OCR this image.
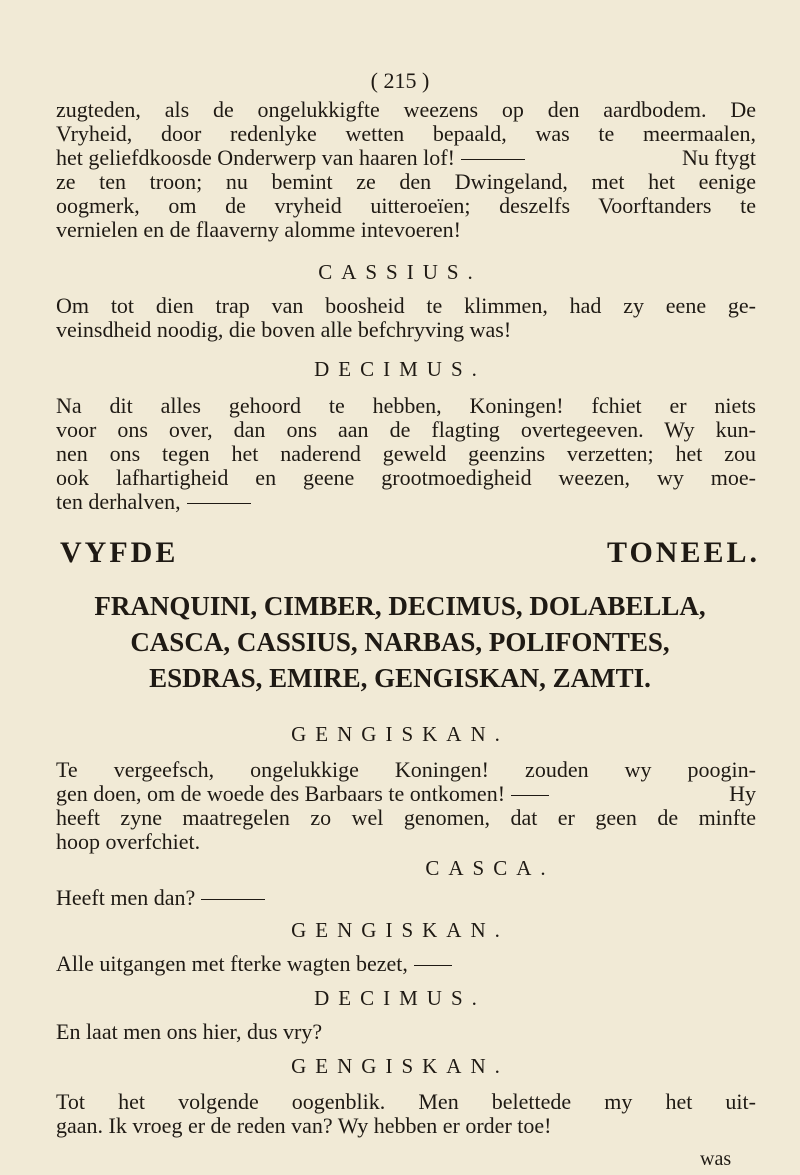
( 215 )
zugteden, als de ongelukkigfte weezens op den aardbodem. De
Vryheid, door redenlyke wetten bepaald, was te meermaalen,
het geliefdkoosde Onderwerp van haaren lof!	Nu ftygt
ze ten troon; nu bemint ze den Dwingeland, met het eenige
oogmerk, om de vryheid uitteroeïen; deszelfs Voorftanders te
vernielen en de flaaverny alomme intevoeren!
CASSIUS.
Om tot dien trap van boosheid te klimmen, had zy eene ge-
veinsdheid noodig, die boven alle befchryving was!
DECIMUS.
Na dit alles gehoord te hebben, Koningen! fchiet er niets
voor ons over, dan ons aan de flagting overtegeeven. Wy kun-
nen ons tegen het naderend geweld geenzins verzetten; het zou
ook lafhartigheid en geene grootmoedigheid weezen, wy moe-
ten derhalven,
VYFDE TONEEL.
FRANQUINI, CIMBER, DECIMUS, DOLABELLA,
CASCA, CASSIUS, NARBAS, POLIFONTES,
ESDRAS, EMIRE, GENGISKAN, ZAMTI.
GENGISKAN.
Te vergeefsch, ongelukkige Koningen! zouden wy poogin-
gen doen, om de woede des Barbaars te ontkomen!	Hy
heeft zyne maatregelen zo wel genomen, dat er geen de minfte
hoop overfchiet.
CASCA.
Heeft men dan?
GENGISKAN.
Alle uitgangen met fterke wagten bezet,
DECIMUS.
En laat men ons hier, dus vry?
GENGISKAN.
Tot het volgende oogenblik. Men belettede my het uit-
gaan. Ik vroeg er de reden van? Wy hebben er order toe!
was
